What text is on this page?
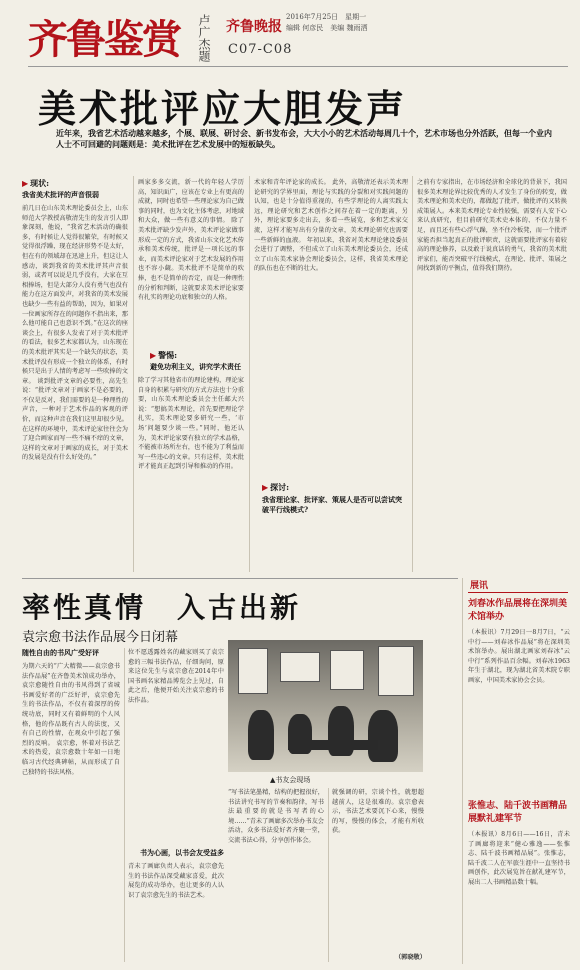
齐鲁鉴赏 卢广杰题 齐鲁晚报
2016年7月25日　星期一
编辑 何彦民　美编 魏雨洒
C07-C08
美术批评应大胆发声
近年来，我省艺术活动越来越多，个展、联展、研讨会、新书发布会，大大小小的艺术活动每周几十个，艺术市场也分外活跃，但每一个业内人士不可回避的问题则是：美术批评在艺术发展中的短板缺失。
▶ 现状:
我省美术批评的声音很弱
前几日在山东美术理论委员会上，山东师范大学教授高敬清先生的发言引人即象深刻，他说，“我省艺术活动的确很多，有时候让人觉得很繁荣，有时候又觉得很浮躁，现在经济形势不是太好，但在有的领域却在迅速上升，但这让人感动，谈到我省的美术批评其声音很弱，或者可以说是几乎没有，大家在互相捧场，但是大部分人没有勇气也没有能力在这方面发声，对我省的美术发展也缺少一些有益的帮助，因为，如果对一位画家所存在的问题你不指出来，那么他可能自己也意识不到。”在这次的座谈会上，有很多人发表了对于美术批评的看法，很多艺术家都认为，山东现在的美术批评其实是一个缺失的状态，美术批评没有形成一个独立的体系，有时候只是出于人情的考虑写一些吹捧的文章。 谈到批评文章的必要性，高先生说：“批评文章对于画家不是必要的，不仅是反对，我们需要的是一种理性的声音，一种对于艺术作品的客观的评价，而这种声音在我们这里却很少见。在这样的环境中，美术评论家往往会为了迎合画家而写一些不痛不痒的文章，这样的文章对于画家的成长，对于美术的发展是没有什么好处的。”
画家多多交流，新一代的年轻人学历高，知识面广，应该在专业上有更高的成就，同时也希望一些理论家为自己做事的同时，也为文化主体考虑，对地域和大众，做一些有意义的事情。 除了美术批评缺少发声外，美术评论家做事形成一定的方式，我省山东文化艺术传承和美术传统，批评是一项长远的事业，而美术评论家对于艺术发展的作用也不容小觑。美术批评不是简单的吹捧，也不是简单的否定，而是一种理性的分析和判断，这就要求美术评论家要有扎实的理论功底和独立的人格。
▶ 警惕:
避免功利主义，讲究学术责任
除了学习其他省市的理论建构，理论家自身的积累与研究的方式方法也十分重要，山东美术理论委员会主任邮大兴说：“想搞美术理论，首先要把理论学扎实，美术理论要多研究一些，‘市场’问题要少谈一些。”同时，他还认为，美术评论家要有独立的学术品格，不能被市场所左右，也不能为了利益而写一些违心的文章。只有这样，美术批评才能真正起到引导和推动的作用。
术家和青年评论家的成长。 此外，高敬清还表示美术理论研究的学界里面，理论与实践的分裂和对实践问题的认知，也是十分值得重视的，有些学理论的人离实践太远，理论研究和艺术创作之间存在着一定的距离，另外，理论家要多走出去，多看一些展览，多和艺术家交流，这样才能写出有分量的文章，美术理论研究也需要一些新鲜的血液。 年初以来，我省对美术理论建设委员会进行了调整，不但成立了山东美术理论委员会，还成立了山东美术家协会理论委员会，这样，我省美术理论的队伍也在不断的壮大。
▶ 探讨:
我省理论家、批评家、策展人是否可以尝试突破平行线模式?
之前有专家指出，在市场经济和全球化的背景下，我国很多美术理论界比较优秀的人才发生了身份的转变，做美术理论和美术史的，都做起了批评，做批评的又转换成策展人。本来美术理论专业性较强，需要有人安下心来认真研究，但目前研究美术史本体的、不仅力量不足，而且还有些心浮气躁，坐不住冷板凳，而一个批评家能否担当起真正的批评职责，这就需要批评家有着较高的理论修养，以及敢于说真话的勇气，我省的美术批评家们，能否突破平行线模式，在理论、批评、策展之间找到新的平衡点，值得我们期待。
率性真情　入古出新
袁宗愈书法作品展今日闭幕
随性自由的书风广受好评
为期六天的“广大精微——袁宗愈书法作品展”在齐鲁美术馆成功举办，袁宗愈随性自由的书风得到了省城书画爱好者的广泛好评，袁宗愈先生的书法作品，不仅有着深厚的传统功底，同时又有着鲜明的个人风格，他的作品既有古人的法度，又有自己的性情，在观众中引起了强烈的反响。 袁宗愈，怀着对书法艺术的热爱，袁宗愈数十年如一日地临习古代经典碑帖，从而形成了自己独特的书法风格。
位不愿透露姓名的藏家则买了袁宗愈的三幅书法作品，仔细询问，原来这位先生与袁宗愈在2014年中国书画名家精品博览会上见过，自此之后，他便开始关注袁宗愈的书法作品。
书为心画，以书会友受益多
青未了画廊负责人表示，袁宗愈先生的书法作品深受藏家喜爱，此次展览的成功举办，也让更多的人认识了袁宗愈先生的书法艺术。
▲书友会现场
“写书法笔墨精，结构的把握很好，书法讲究书写的节奏和韵律，写书法最重要的就是书写者的心境……”青未了画廊多次举办书友会活动，众多书法爱好者齐聚一堂，交流书法心得，分享创作体会。
就强调的研，宗谈个性，就想超越前人，这是很难的。袁宗愈表示，书法艺术要沉下心来，慢慢的写，慢慢的体会，才能有所收获。
（郭晓敬）
展讯
刘春冰作品展将在深圳美术馆举办
（本报讯）7月29日一8月7日，“云中行——刘春冰作品展”将在深圳美术馆举办。展出湖北画家刘春冰“云中行”系列作品百余幅。刘春冰1963年生于湖北，现为湖北省美术院专职画家，中国美术家协会会员。
张惟志、陆千波书画精品展默礼建军节
（本报讯）8月6日——16日，青未了画廊将迎来“健心雅逸——张惟志、陆千波书画精品展”。张惟志，陆千波二人在军旅生涯中一直坚持书画创作，此次展览旨在献礼建军节，展出二人书画精品数十幅。
